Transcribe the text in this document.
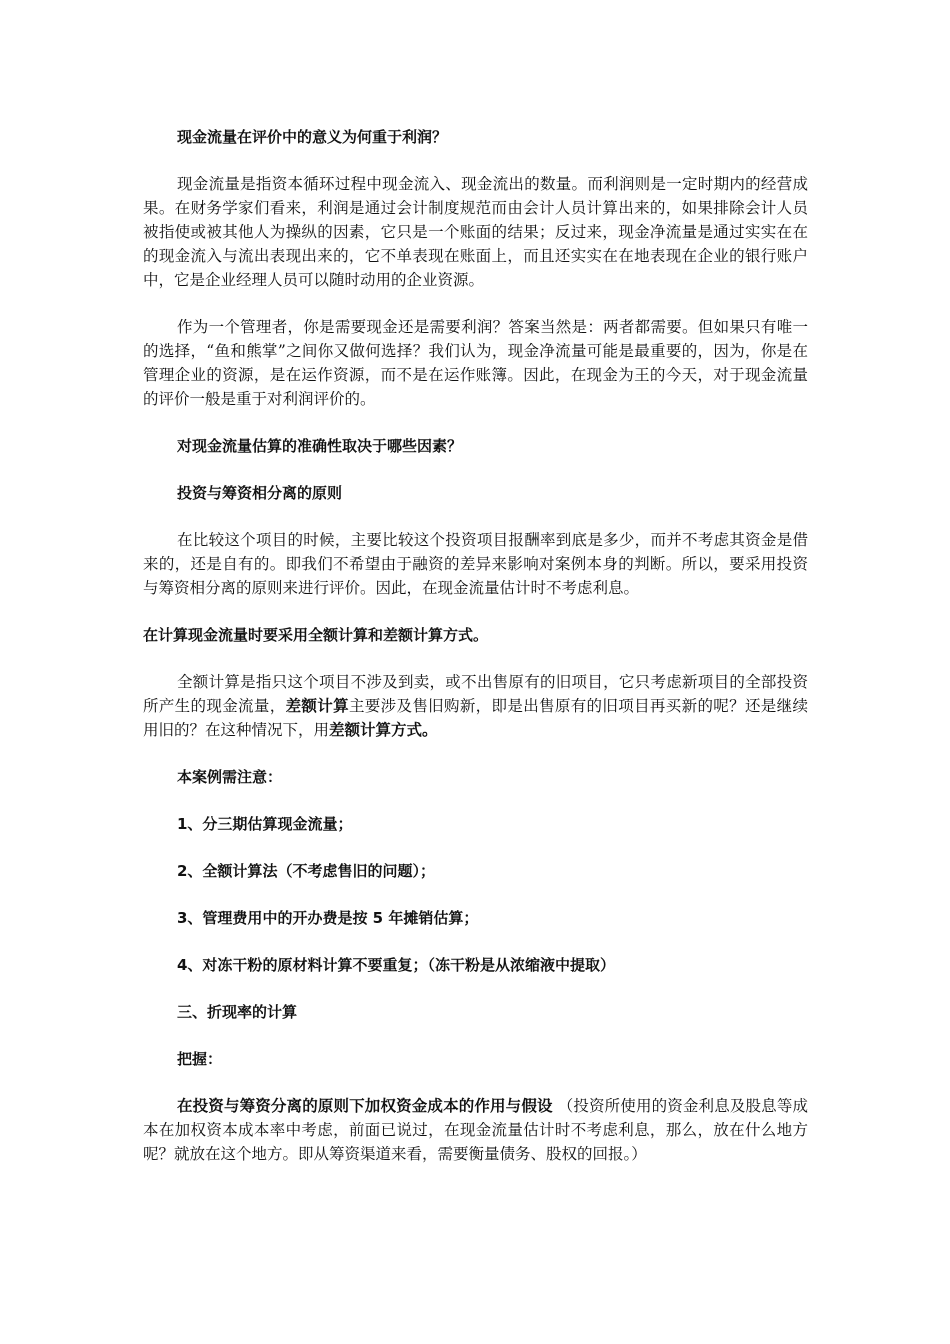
现金流量在评价中的意义为何重于利润？

现金流量是指资本循环过程中现金流入、现金流出的数量。而利润则是一定时期内的经营成果。在财务学家们看来，利润是通过会计制度规范而由会计人员计算出来的，如果排除会计人员被指使或被其他人为操纵的因素，它只是一个账面的结果；反过来，现金净流量是通过实实在在的现金流入与流出表现出来的，它不单表现在账面上，而且还实实在在地表现在企业的银行账户中，它是企业经理人员可以随时动用的企业资源。

作为一个管理者，你是需要现金还是需要利润？答案当然是：两者都需要。但如果只有唯一的选择，“鱼和熊掌”之间你又做何选择？我们认为，现金净流量可能是最重要的，因为，你是在管理企业的资源，是在运作资源，而不是在运作账簿。因此，在现金为王的今天，对于现金流量的评价一般是重于对利润评价的。

对现金流量估算的准确性取决于哪些因素？

投资与筹资相分离的原则

在比较这个项目的时候，主要比较这个投资项目报酬率到底是多少，而并不考虑其资金是借来的，还是自有的。即我们不希望由于融资的差异来影响对案例本身的判断。所以，要采用投资与筹资相分离的原则来进行评价。因此，在现金流量估计时不考虑利息。

在计算现金流量时要采用全额计算和差额计算方式。

全额计算是指只这个项目不涉及到卖，或不出售原有的旧项目，它只考虑新项目的全部投资所产生的现金流量，差额计算主要涉及售旧购新，即是出售原有的旧项目再买新的呢？还是继续用旧的？在这种情况下，用差额计算方式。

本案例需注意：

1、分三期估算现金流量；

2、全额计算法（不考虑售旧的问题）；

3、管理费用中的开办费是按 5 年摊销估算；

4、对冻干粉的原材料计算不要重复；（冻干粉是从浓缩液中提取）

三、折现率的计算

把握：

在投资与筹资分离的原则下加权资金成本的作用与假设 （投资所使用的资金利息及股息等成本在加权资本成本率中考虑，前面已说过，在现金流量估计时不考虑利息，那么，放在什么地方呢？就放在这个地方。即从筹资渠道来看，需要衡量债务、股权的回报。）
